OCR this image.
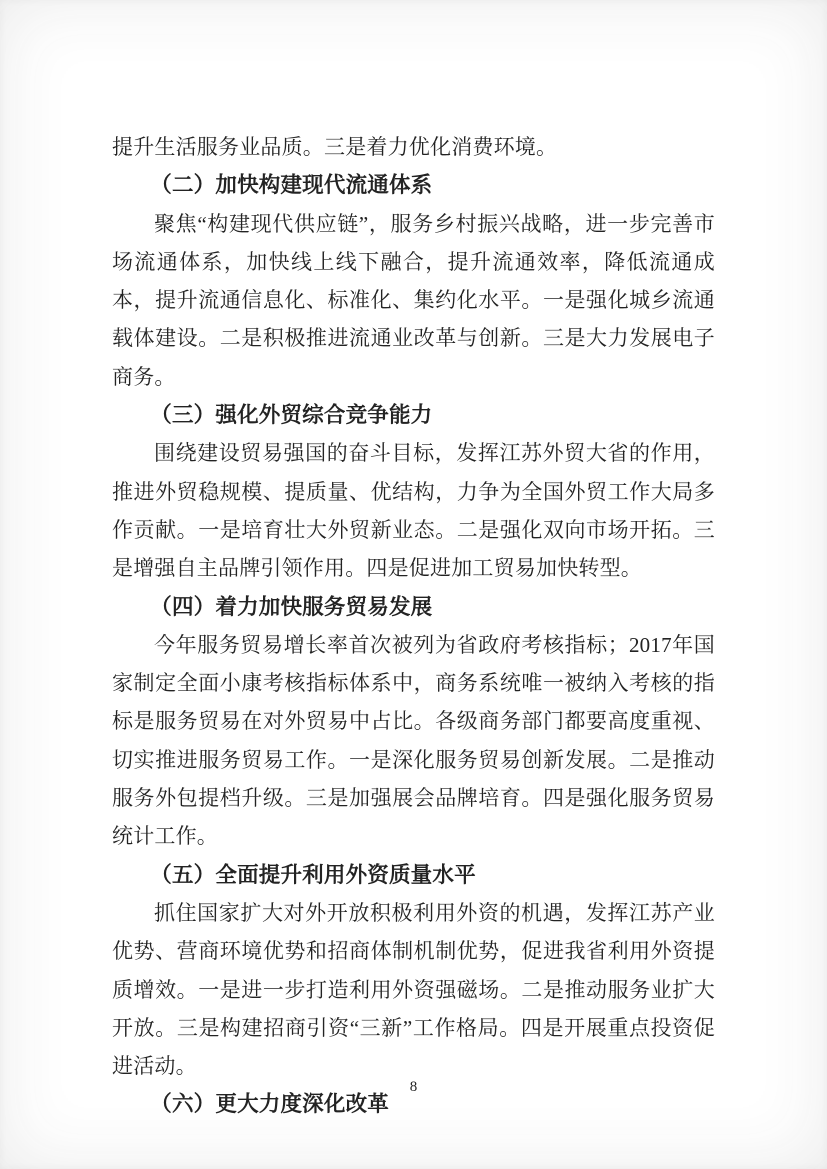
提升生活服务业品质。三是着力优化消费环境。

（二）加快构建现代流通体系

聚焦“构建现代供应链”，服务乡村振兴战略，进一步完善市场流通体系，加快线上线下融合，提升流通效率，降低流通成本，提升流通信息化、标准化、集约化水平。一是强化城乡流通载体建设。二是积极推进流通业改革与创新。三是大力发展电子商务。

（三）强化外贸综合竞争能力

围绕建设贸易强国的奋斗目标，发挥江苏外贸大省的作用，推进外贸稳规模、提质量、优结构，力争为全国外贸工作大局多作贡献。一是培育壮大外贸新业态。二是强化双向市场开拓。三是增强自主品牌引领作用。四是促进加工贸易加快转型。

（四）着力加快服务贸易发展

今年服务贸易增长率首次被列为省政府考核指标；2017年国家制定全面小康考核指标体系中，商务系统唯一被纳入考核的指标是服务贸易在对外贸易中占比。各级商务部门都要高度重视、切实推进服务贸易工作。一是深化服务贸易创新发展。二是推动服务外包提档升级。三是加强展会品牌培育。四是强化服务贸易统计工作。

（五）全面提升利用外资质量水平

抓住国家扩大对外开放积极利用外资的机遇，发挥江苏产业优势、营商环境优势和招商体制机制优势，促进我省利用外资提质增效。一是进一步打造利用外资强磁场。二是推动服务业扩大开放。三是构建招商引资“三新”工作格局。四是开展重点投资促进活动。

（六）更大力度深化改革

8
